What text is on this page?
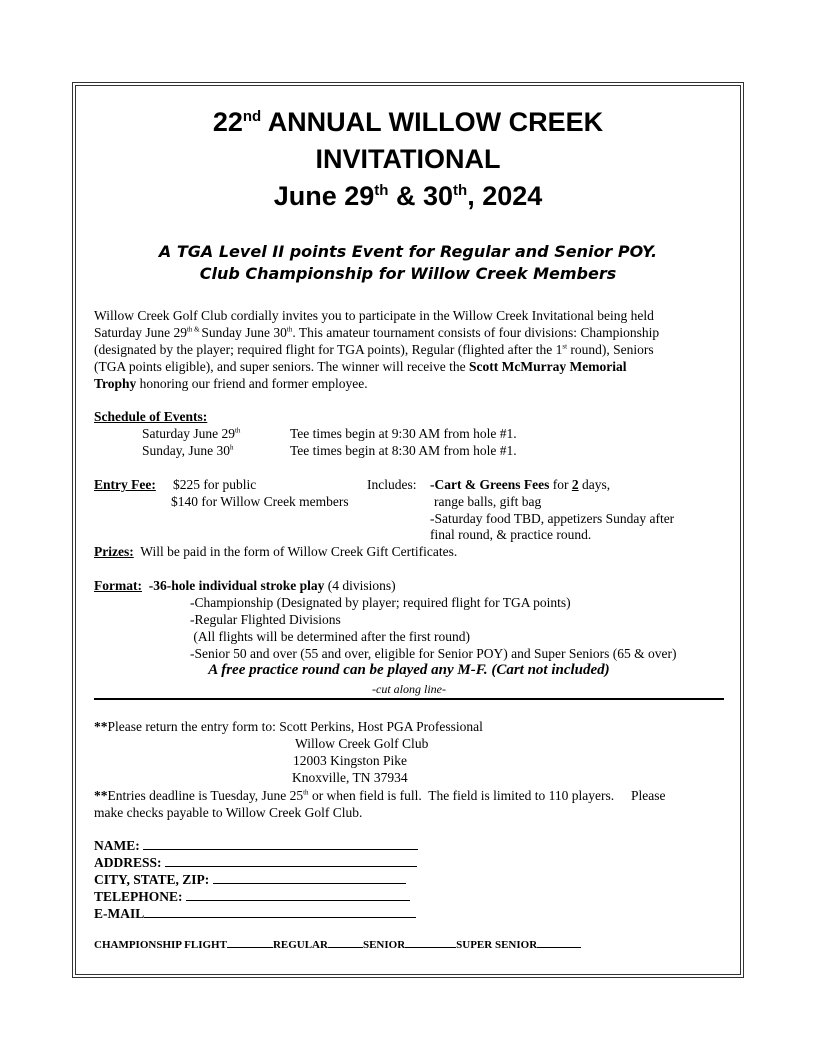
22nd ANNUAL WILLOW CREEK
INVITATIONAL
June 29th & 30th, 2024
A TGA Level II points Event for Regular and Senior POY.
Club Championship for Willow Creek Members
Willow Creek Golf Club cordially invites you to participate in the Willow Creek Invitational being held
Saturday June $29^{th \&}$ Sunday June 30th. This amateur tournament consists of four divisions: Championship
(designated by the player; required flight for TGA points), Regular (flighted after the 1st round), Seniors
(TGA points eligible), and super seniors. The winner will receive the Scott McMurray Memorial
Trophy honoring our friend and former employee.
Schedule of Events:
Saturday June 29th	Tee times begin at 9:30 AM from hole #1.
Sunday, June 30$^h$	Tee times begin at 8:30 AM from hole #1.
Entry Fee: $225 for public
$140 for Willow Creek members
Includes: -Cart & Greens Fees for 2 days,
range balls, gift bag
-Saturday food TBD, appetizers Sunday after
final round, & practice round.
Prizes: Will be paid in the form of Willow Creek Gift Certificates.
Format: -36-hole individual stroke play (4 divisions)
-Championship (Designated by player; required flight for TGA points)
-Regular Flighted Divisions
(All flights will be determined after the first round)
-Senior 50 and over (55 and over, eligible for Senior POY) and Super Seniors (65 & over)
A free practice round can be played any M-F. (Cart not included)
-cut along line-
**Please return the entry form to: Scott Perkins, Host PGA Professional
Willow Creek Golf Club
12003 Kingston Pike
Knoxville, TN 37934
**Entries deadline is Tuesday, June 25th or when field is full.  The field is limited to 110 players.     Please
make checks payable to Willow Creek Golf Club.
NAME:
ADDRESS:
CITY, STATE, ZIP:
TELEPHONE:
E-MAIL
CHAMPIONSHIP FLIGHT	REGULAR	SENIOR	SUPER SENIOR
